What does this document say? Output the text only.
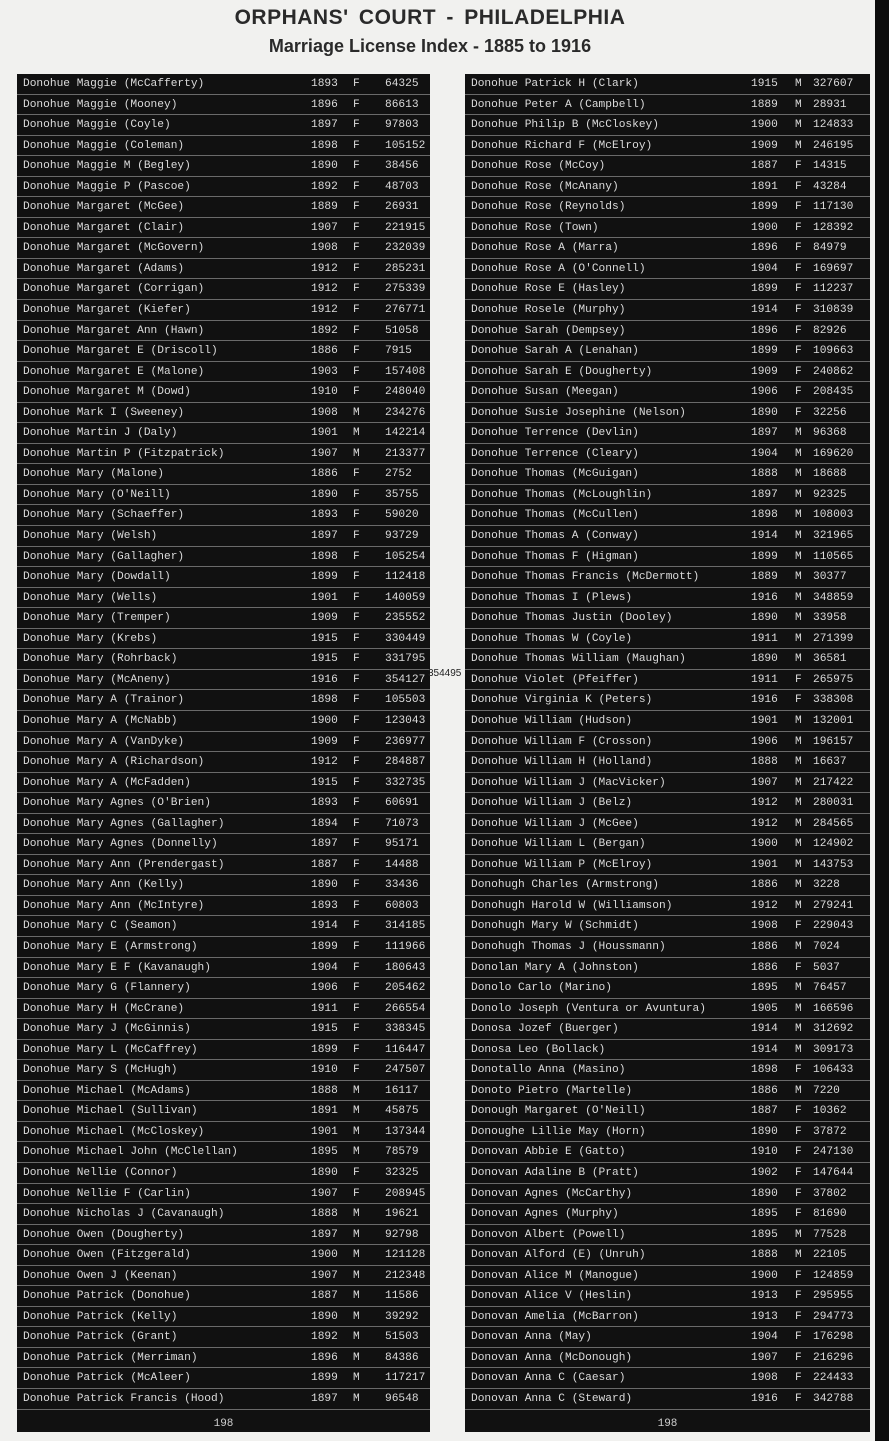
ORPHANS' COURT - PHILADELPHIA
Marriage License Index - 1885 to 1916
Donohue Maggie (McCafferty)	1893 F 64325
Donohue Maggie (Mooney)	1896 F 86613
Donohue Maggie (Coyle)	1897 F 97803
Donohue Maggie (Coleman)	1898 F 105152
Donohue Maggie M (Begley)	1890 F 38456
Donohue Maggie P (Pascoe)	1892 F 48703
Donohue Margaret (McGee)	1889 F 26931
Donohue Margaret (Clair)	1907 F 221915
Donohue Margaret (McGovern)	1908 F 232039
Donohue Margaret (Adams)	1912 F 285231
Donohue Margaret (Corrigan)	1912 F 275339
Donohue Margaret (Kiefer)	1912 F 276771
Donohue Margaret Ann (Hawn)	1892 F 51058
Donohue Margaret E (Driscoll)	1886 F 7915
Donohue Margaret E (Malone)	1903 F 157408
Donohue Margaret M (Dowd)	1910 F 248040
Donohue Mark I (Sweeney)	1908 M 234276
Donohue Martin J (Daly)	1901 M 142214
Donohue Martin P (Fitzpatrick)	1907 M 213377
Donohue Mary (Malone)	1886 F 2752
Donohue Mary (O'Neill)	1890 F 35755
Donohue Mary (Schaeffer)	1893 F 59020
Donohue Mary (Welsh)	1897 F 93729
Donohue Mary (Gallagher)	1898 F 105254
Donohue Mary (Dowdall)	1899 F 112418
Donohue Mary (Wells)	1901 F 140059
Donohue Mary (Tremper)	1909 F 235552
Donohue Mary (Krebs)	1915 F 330449
Donohue Mary (Rohrback)	1915 F 331795
Donohue Mary (McAneny)	1916 F 354127
Donohue Mary A (Trainor)	1898 F 105503
Donohue Mary A (McNabb)	1900 F 123043
Donohue Mary A (VanDyke)	1909 F 236977
Donohue Mary A (Richardson)	1912 F 284887
Donohue Mary A (McFadden)	1915 F 332735
Donohue Mary Agnes (O'Brien)	1893 F 60691
Donohue Mary Agnes (Gallagher)	1894 F 71073
Donohue Mary Agnes (Donnelly)	1897 F 95171
Donohue Mary Ann (Prendergast)	1887 F 14488
Donohue Mary Ann (Kelly)	1890 F 33436
Donohue Mary Ann (McIntyre)	1893 F 60803
Donohue Mary C (Seamon)	1914 F 314185
Donohue Mary E (Armstrong)	1899 F 111966
Donohue Mary E F (Kavanaugh)	1904 F 180643
Donohue Mary G (Flannery)	1906 F 205462
Donohue Mary H (McCrane)	1911 F 266554
Donohue Mary J (McGinnis)	1915 F 338345
Donohue Mary L (McCaffrey)	1899 F 116447
Donohue Mary S (McHugh)	1910 F 247507
Donohue Michael (McAdams)	1888 M 16117
Donohue Michael (Sullivan)	1891 M 45875
Donohue Michael (McCloskey)	1901 M 137344
Donohue Michael John (McClellan)	1895 M 78579
Donohue Nellie (Connor)	1890 F 32325
Donohue Nellie F (Carlin)	1907 F 208945
Donohue Nicholas J (Cavanaugh)	1888 M 19621
Donohue Owen (Dougherty)	1897 M 92798
Donohue Owen (Fitzgerald)	1900 M 121128
Donohue Owen J (Keenan)	1907 M 212348
Donohue Patrick (Donohue)	1887 M 11586
Donohue Patrick (Kelly)	1890 M 39292
Donohue Patrick (Grant)	1892 M 51503
Donohue Patrick (Merriman)	1896 M 84386
Donohue Patrick (McAleer)	1899 M 117217
Donohue Patrick Francis (Hood)	1897 M 96548
198
354495
Donohue Patrick H (Clark)	1915 M 327607
Donohue Peter A (Campbell)	1889 M 28931
Donohue Philip B (McCloskey)	1900 M 124833
Donohue Richard F (McElroy)	1909 M 246195
Donohue Rose (McCoy)	1887 F 14315
Donohue Rose (McAnany)	1891 F 43284
Donohue Rose (Reynolds)	1899 F 117130
Donohue Rose (Town)	1900 F 128392
Donohue Rose A (Marra)	1896 F 84979
Donohue Rose A (O'Connell)	1904 F 169697
Donohue Rose E (Hasley)	1899 F 112237
Donohue Rosele (Murphy)	1914 F 310839
Donohue Sarah (Dempsey)	1896 F 82926
Donohue Sarah A (Lenahan)	1899 F 109663
Donohue Sarah E (Dougherty)	1909 F 240862
Donohue Susan (Meegan)	1906 F 208435
Donohue Susie Josephine (Nelson)	1890 F 32256
Donohue Terrence (Devlin)	1897 M 96368
Donohue Terrence (Cleary)	1904 M 169620
Donohue Thomas (McGuigan)	1888 M 18688
Donohue Thomas (McLoughlin)	1897 M 92325
Donohue Thomas (McCullen)	1898 M 108003
Donohue Thomas A (Conway)	1914 M 321965
Donohue Thomas F (Higman)	1899 M 110565
Donohue Thomas Francis (McDermott)	1889 M 30377
Donohue Thomas I (Plews)	1916 M 348859
Donohue Thomas Justin (Dooley)	1890 M 33958
Donohue Thomas W (Coyle)	1911 M 271399
Donohue Thomas William (Maughan)	1890 M 36581
Donohue Violet (Pfeiffer)	1911 F 265975
Donohue Virginia K (Peters)	1916 F 338308
Donohue William (Hudson)	1901 M 132001
Donohue William F (Crosson)	1906 M 196157
Donohue William H (Holland)	1888 M 16637
Donohue William J (MacVicker)	1907 M 217422
Donohue William J (Belz)	1912 M 280031
Donohue William J (McGee)	1912 M 284565
Donohue William L (Bergan)	1900 M 124902
Donohue William P (McElroy)	1901 M 143753
Donohugh Charles (Armstrong)	1886 M 3228
Donohugh Harold W (Williamson)	1912 M 279241
Donohugh Mary W (Schmidt)	1908 F 229043
Donohugh Thomas J (Houssmann)	1886 M 7024
Donolan Mary A (Johnston)	1886 F 5037
Donolo Carlo (Marino)	1895 M 76457
Donolo Joseph (Ventura or Avuntura)	1905 M 166596
Donosa Jozef (Buerger)	1914 M 312692
Donosa Leo (Bollack)	1914 M 309173
Donotallo Anna (Masino)	1898 F 106433
Donoto Pietro (Martelle)	1886 M 7220
Donough Margaret (O'Neill)	1887 F 10362
Donoughe Lillie May (Horn)	1890 F 37872
Donovan Abbie E (Gatto)	1910 F 247130
Donovan Adaline B (Pratt)	1902 F 147644
Donovan Agnes (McCarthy)	1890 F 37802
Donovan Agnes (Murphy)	1895 F 81690
Donovon Albert (Powell)	1895 M 77528
Donovan Alford (E) (Unruh)	1888 M 22105
Donovan Alice M (Manogue)	1900 F 124859
Donovan Alice V (Heslin)	1913 F 295955
Donovan Amelia (McBarron)	1913 F 294773
Donovan Anna (May)	1904 F 176298
Donovan Anna (McDonough)	1907 F 216296
Donovan Anna C (Caesar)	1908 F 224433
Donovan Anna C (Steward)	1916 F 342788
198
